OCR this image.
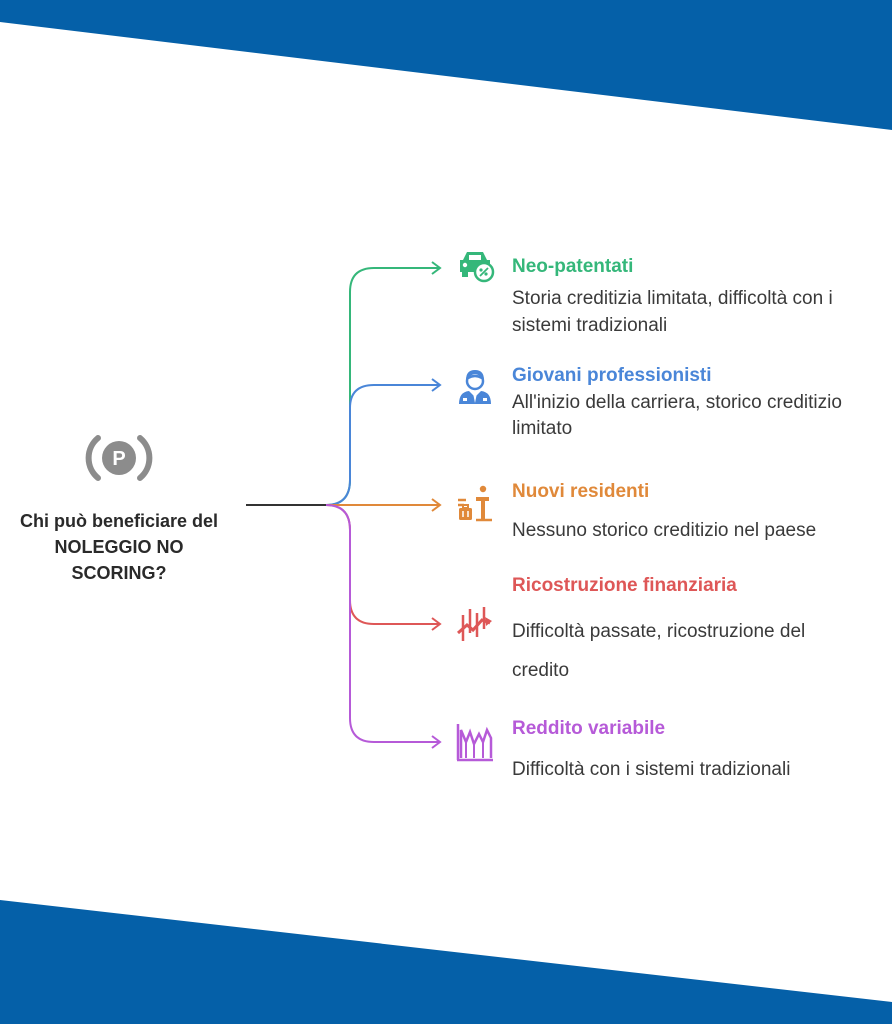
P
Chi può beneficiare del NOLEGGIO NO SCORING?
Neo-patentati
Storia creditizia limitata, difficoltà con i sistemi tradizionali
Giovani professionisti
All'inizio della carriera, storico creditizio limitato
Nuovi residenti
Nessuno storico creditizio nel paese
Ricostruzione finanziaria
Difficoltà passate, ricostruzione del credito
Reddito variabile
Difficoltà con i sistemi tradizionali
